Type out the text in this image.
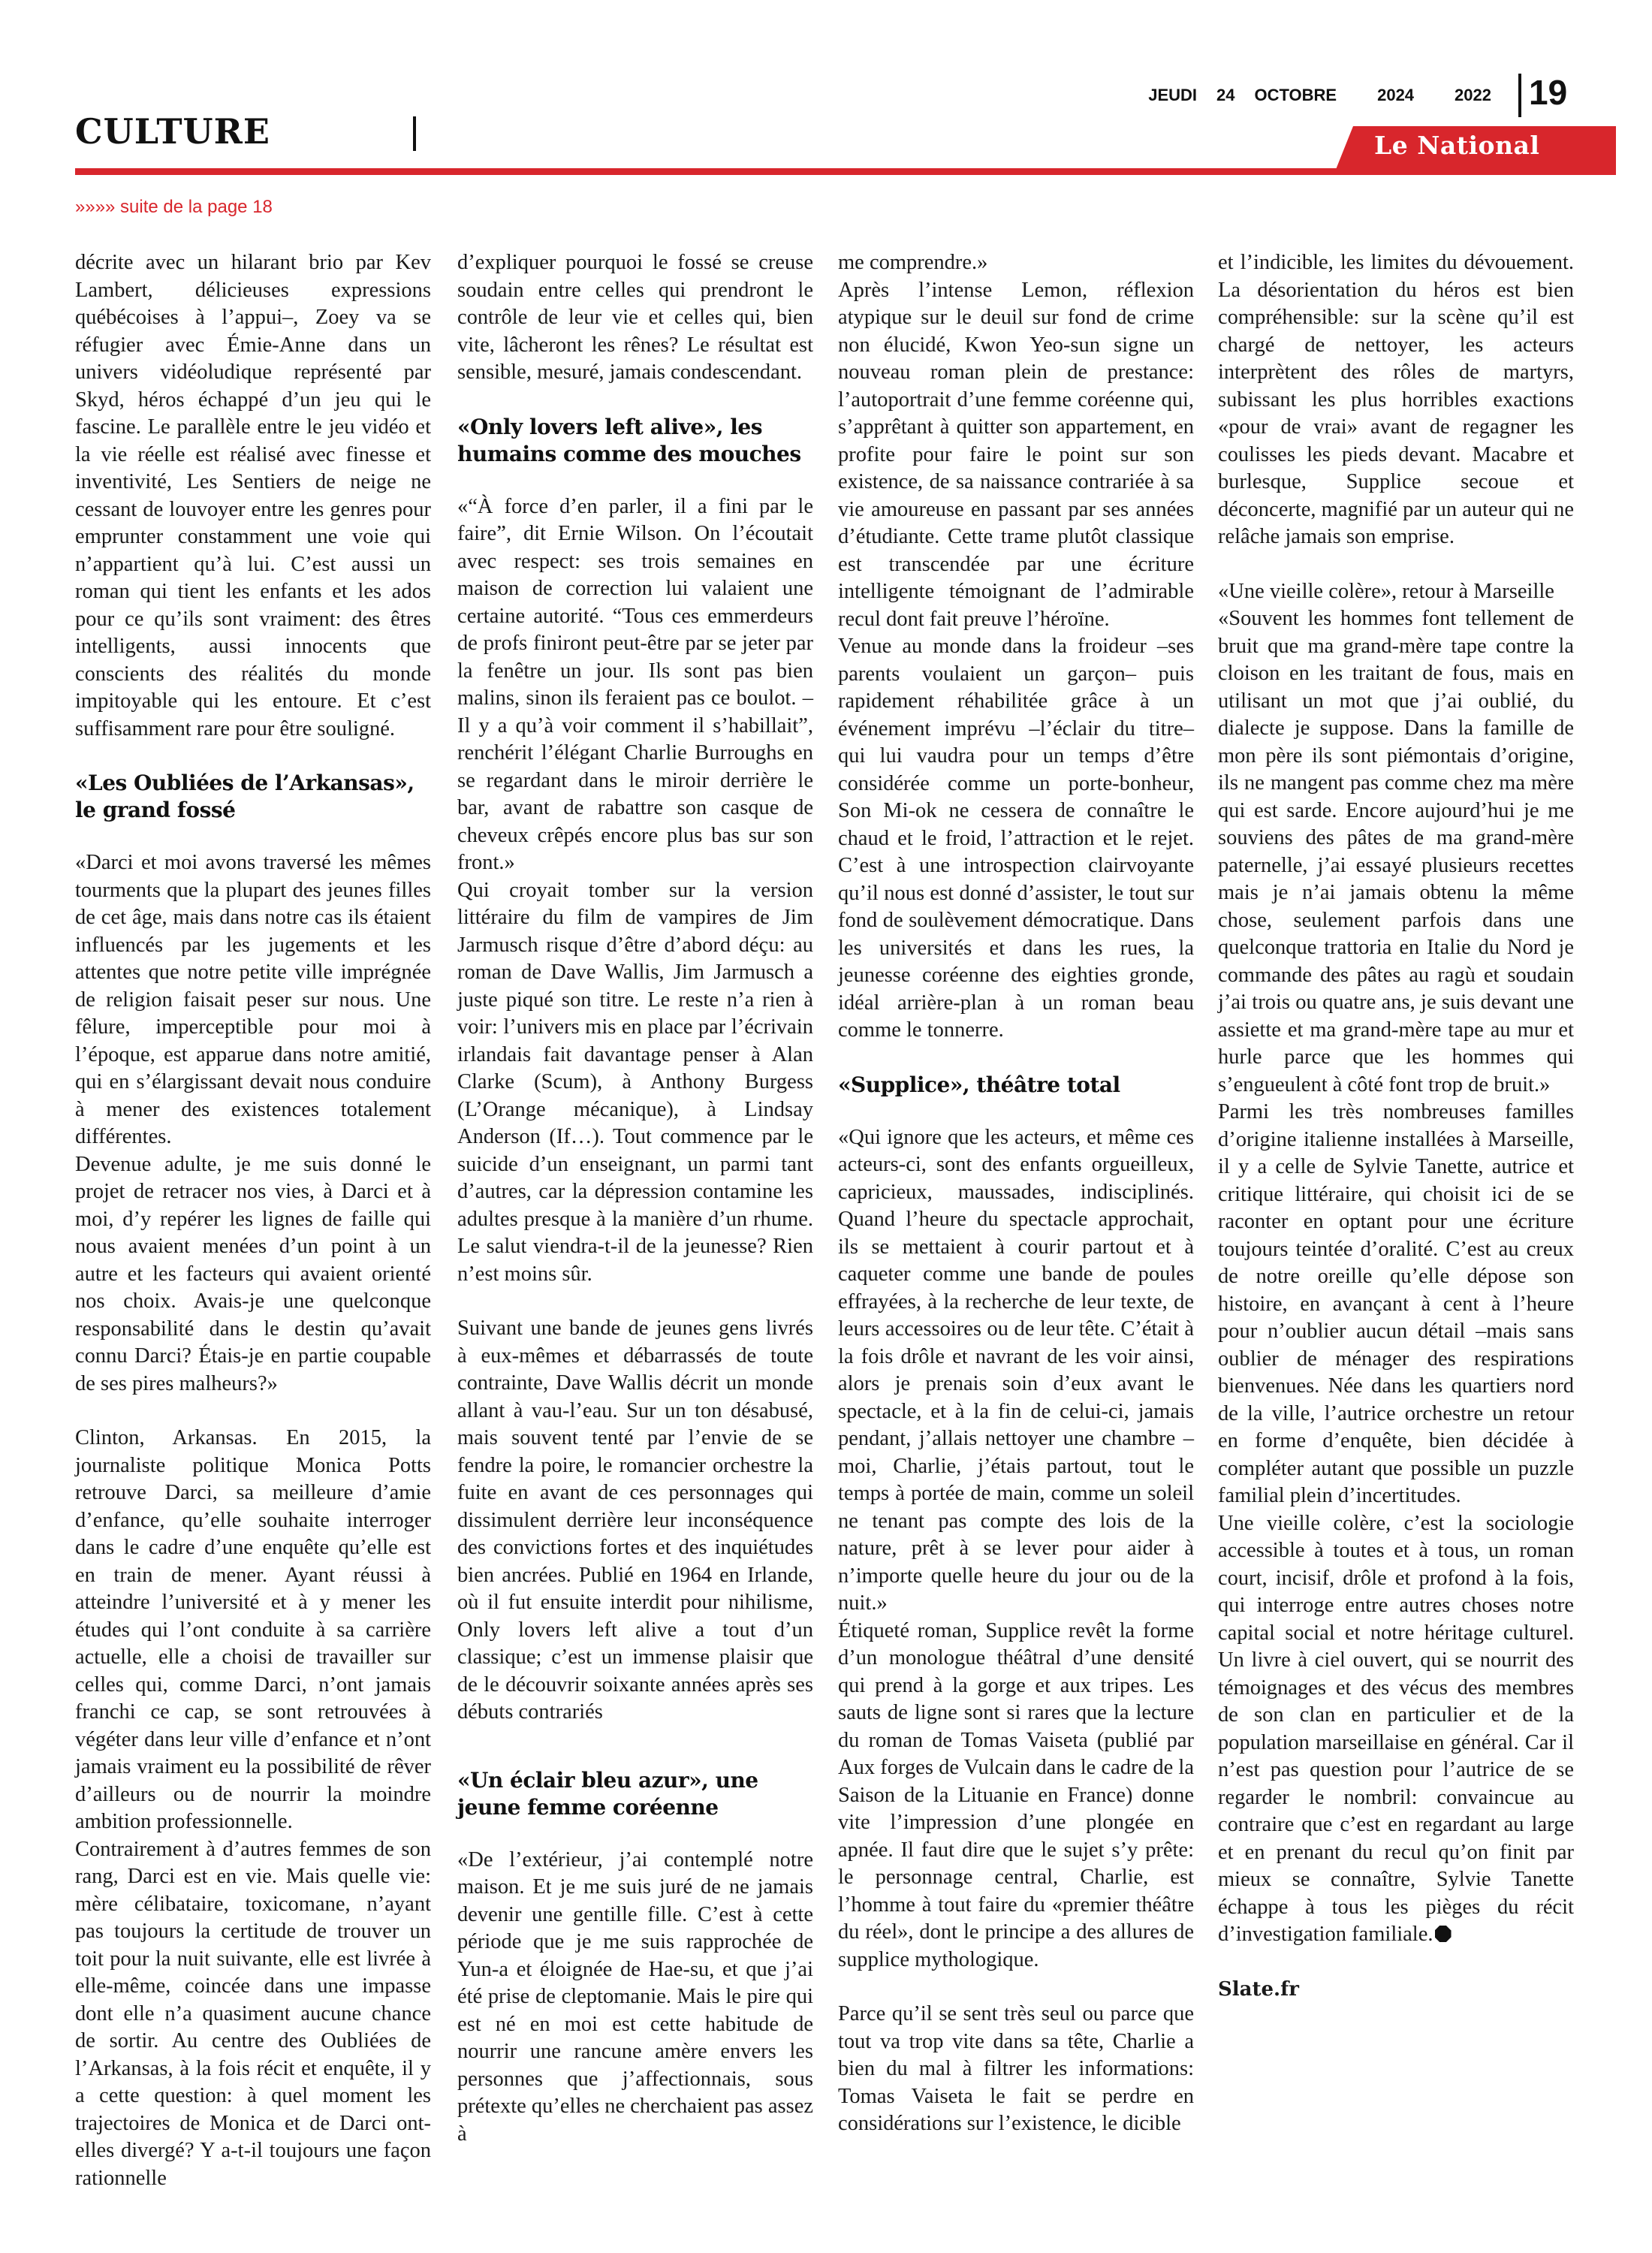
CULTURE
JEUDI 24 OCTOBRE 2024 2022 19
Le National
»»»» suite de la page 18

décrite avec un hilarant brio par Kev Lambert, délicieuses expressions québécoises à l’appui–, Zoey va se réfugier avec Émie-Anne dans un univers vidéoludique représenté par Skyd, héros échappé d’un jeu qui le fascine. Le parallèle entre le jeu vidéo et la vie réelle est réalisé avec finesse et inventivité, Les Sentiers de neige ne cessant de louvoyer entre les genres pour emprunter constamment une voie qui n’appartient qu’à lui. C’est aussi un roman qui tient les enfants et les ados pour ce qu’ils sont vraiment: des êtres intelligents, aussi innocents que conscients des réalités du monde impitoyable qui les entoure. Et c’est suffisamment rare pour être souligné.

«Les Oubliées de l’Arkansas», le grand fossé

«Darci et moi avons traversé les mêmes tourments que la plupart des jeunes filles de cet âge, mais dans notre cas ils étaient influencés par les jugements et les attentes que notre petite ville imprégnée de religion faisait peser sur nous. Une fêlure, imperceptible pour moi à l’époque, est apparue dans notre amitié, qui en s’élargissant devait nous conduire à mener des existences totalement différentes.

Devenue adulte, je me suis donné le projet de retracer nos vies, à Darci et à moi, d’y repérer les lignes de faille qui nous avaient menées d’un point à un autre et les facteurs qui avaient orienté nos choix. Avais-je une quelconque responsabilité dans le destin qu’avait connu Darci? Étais-je en partie coupable de ses pires malheurs?»

Clinton, Arkansas. En 2015, la journaliste politique Monica Potts retrouve Darci, sa meilleure d’amie d’enfance, qu’elle souhaite interroger dans le cadre d’une enquête qu’elle est en train de mener. Ayant réussi à atteindre l’université et à y mener les études qui l’ont conduite à sa carrière actuelle, elle a choisi de travailler sur celles qui, comme Darci, n’ont jamais franchi ce cap, se sont retrouvées à végéter dans leur ville d’enfance et n’ont jamais vraiment eu la possibilité de rêver d’ailleurs ou de nourrir la moindre ambition professionnelle.

Contrairement à d’autres femmes de son rang, Darci est en vie. Mais quelle vie: mère célibataire, toxicomane, n’ayant pas toujours la certitude de trouver un toit pour la nuit suivante, elle est livrée à elle-même, coincée dans une impasse dont elle n’a quasiment aucune chance de sortir. Au centre des Oubliées de l’Arkansas, à la fois récit et enquête, il y a cette question: à quel moment les trajectoires de Monica et de Darci ont-elles divergé? Y a-t-il toujours une façon rationnelle

d’expliquer pourquoi le fossé se creuse soudain entre celles qui prendront le contrôle de leur vie et celles qui, bien vite, lâcheront les rênes? Le résultat est sensible, mesuré, jamais condescendant.

«Only lovers left alive», les humains comme des mouches

«“À force d’en parler, il a fini par le faire”, dit Ernie Wilson. On l’écoutait avec respect: ses trois semaines en maison de correction lui valaient une certaine autorité. “Tous ces emmerdeurs de profs finiront peut-être par se jeter par la fenêtre un jour. Ils sont pas bien malins, sinon ils feraient pas ce boulot. – Il y a qu’à voir comment il s’habillait”, renchérit l’élégant Charlie Burroughs en se regardant dans le miroir derrière le bar, avant de rabattre son casque de cheveux crêpés encore plus bas sur son front.»

Qui croyait tomber sur la version littéraire du film de vampires de Jim Jarmusch risque d’être d’abord déçu: au roman de Dave Wallis, Jim Jarmusch a juste piqué son titre. Le reste n’a rien à voir: l’univers mis en place par l’écrivain irlandais fait davantage penser à Alan Clarke (Scum), à Anthony Burgess (L’Orange mécanique), à Lindsay Anderson (If…). Tout commence par le suicide d’un enseignant, un parmi tant d’autres, car la dépression contamine les adultes presque à la manière d’un rhume. Le salut viendra-t-il de la jeunesse? Rien n’est moins sûr.

Suivant une bande de jeunes gens livrés à eux-mêmes et débarrassés de toute contrainte, Dave Wallis décrit un monde allant à vau-l’eau. Sur un ton désabusé, mais souvent tenté par l’envie de se fendre la poire, le romancier orchestre la fuite en avant de ces personnages qui dissimulent derrière leur inconséquence des convictions fortes et des inquiétudes bien ancrées. Publié en 1964 en Irlande, où il fut ensuite interdit pour nihilisme, Only lovers left alive a tout d’un classique; c’est un immense plaisir que de le découvrir soixante années après ses débuts contrariés

«Un éclair bleu azur», une jeune femme coréenne

«De l’extérieur, j’ai contemplé notre maison. Et je me suis juré de ne jamais devenir une gentille fille. C’est à cette période que je me suis rapprochée de Yun-a et éloignée de Hae-su, et que j’ai été prise de cleptomanie. Mais le pire qui est né en moi est cette habitude de nourrir une rancune amère envers les personnes que j’affectionnais, sous prétexte qu’elles ne cherchaient pas assez à

me comprendre.»

Après l’intense Lemon, réflexion atypique sur le deuil sur fond de crime non élucidé, Kwon Yeo-sun signe un nouveau roman plein de prestance: l’autoportrait d’une femme coréenne qui, s’apprêtant à quitter son appartement, en profite pour faire le point sur son existence, de sa naissance contrariée à sa vie amoureuse en passant par ses années d’étudiante. Cette trame plutôt classique est transcendée par une écriture intelligente témoignant de l’admirable recul dont fait preuve l’héroïne.

Venue au monde dans la froideur –ses parents voulaient un garçon– puis rapidement réhabilitée grâce à un événement imprévu –l’éclair du titre– qui lui vaudra pour un temps d’être considérée comme un porte-bonheur, Son Mi-ok ne cessera de connaître le chaud et le froid, l’attraction et le rejet. C’est à une introspection clairvoyante qu’il nous est donné d’assister, le tout sur fond de soulèvement démocratique. Dans les universités et dans les rues, la jeunesse coréenne des eighties gronde, idéal arrière-plan à un roman beau comme le tonnerre.

«Supplice», théâtre total

«Qui ignore que les acteurs, et même ces acteurs-ci, sont des enfants orgueilleux, capricieux, maussades, indisciplinés. Quand l’heure du spectacle approchait, ils se mettaient à courir partout et à caqueter comme une bande de poules effrayées, à la recherche de leur texte, de leurs accessoires ou de leur tête. C’était à la fois drôle et navrant de les voir ainsi, alors je prenais soin d’eux avant le spectacle, et à la fin de celui-ci, jamais pendant, j’allais nettoyer une chambre –moi, Charlie, j’étais partout, tout le temps à portée de main, comme un soleil ne tenant pas compte des lois de la nature, prêt à se lever pour aider à n’importe quelle heure du jour ou de la nuit.»

Étiqueté roman, Supplice revêt la forme d’un monologue théâtral d’une densité qui prend à la gorge et aux tripes. Les sauts de ligne sont si rares que la lecture du roman de Tomas Vaiseta (publié par Aux forges de Vulcain dans le cadre de la Saison de la Lituanie en France) donne vite l’impression d’une plongée en apnée. Il faut dire que le sujet s’y prête: le personnage central, Charlie, est l’homme à tout faire du «premier théâtre du réel», dont le principe a des allures de supplice mythologique.

Parce qu’il se sent très seul ou parce que tout va trop vite dans sa tête, Charlie a bien du mal à filtrer les informations: Tomas Vaiseta le fait se perdre en considérations sur l’existence, le dicible

et l’indicible, les limites du dévouement. La désorientation du héros est bien compréhensible: sur la scène qu’il est chargé de nettoyer, les acteurs interprètent des rôles de martyrs, subissant les plus horribles exactions «pour de vrai» avant de regagner les coulisses les pieds devant. Macabre et burlesque, Supplice secoue et déconcerte, magnifié par un auteur qui ne relâche jamais son emprise.

«Une vieille colère», retour à Marseille

«Souvent les hommes font tellement de bruit que ma grand-mère tape contre la cloison en les traitant de fous, mais en utilisant un mot que j’ai oublié, du dialecte je suppose. Dans la famille de mon père ils sont piémontais d’origine, ils ne mangent pas comme chez ma mère qui est sarde. Encore aujourd’hui je me souviens des pâtes de ma grand-mère paternelle, j’ai essayé plusieurs recettes mais je n’ai jamais obtenu la même chose, seulement parfois dans une quelconque trattoria en Italie du Nord je commande des pâtes au ragù et soudain j’ai trois ou quatre ans, je suis devant une assiette et ma grand-mère tape au mur et hurle parce que les hommes qui s’engueulent à côté font trop de bruit.»

Parmi les très nombreuses familles d’origine italienne installées à Marseille, il y a celle de Sylvie Tanette, autrice et critique littéraire, qui choisit ici de se raconter en optant pour une écriture toujours teintée d’oralité. C’est au creux de notre oreille qu’elle dépose son histoire, en avançant à cent à l’heure pour n’oublier aucun détail –mais sans oublier de ménager des respirations bienvenues. Née dans les quartiers nord de la ville, l’autrice orchestre un retour en forme d’enquête, bien décidée à compléter autant que possible un puzzle familial plein d’incertitudes.

Une vieille colère, c’est la sociologie accessible à toutes et à tous, un roman court, incisif, drôle et profond à la fois, qui interroge entre autres choses notre capital social et notre héritage culturel. Un livre à ciel ouvert, qui se nourrit des témoignages et des vécus des membres de son clan en particulier et de la population marseillaise en général. Car il n’est pas question pour l’autrice de se regarder le nombril: convaincue au contraire que c’est en regardant au large et en prenant du recul qu’on finit par mieux se connaître, Sylvie Tanette échappe à tous les pièges du récit d’investigation familiale.

Slate.fr
